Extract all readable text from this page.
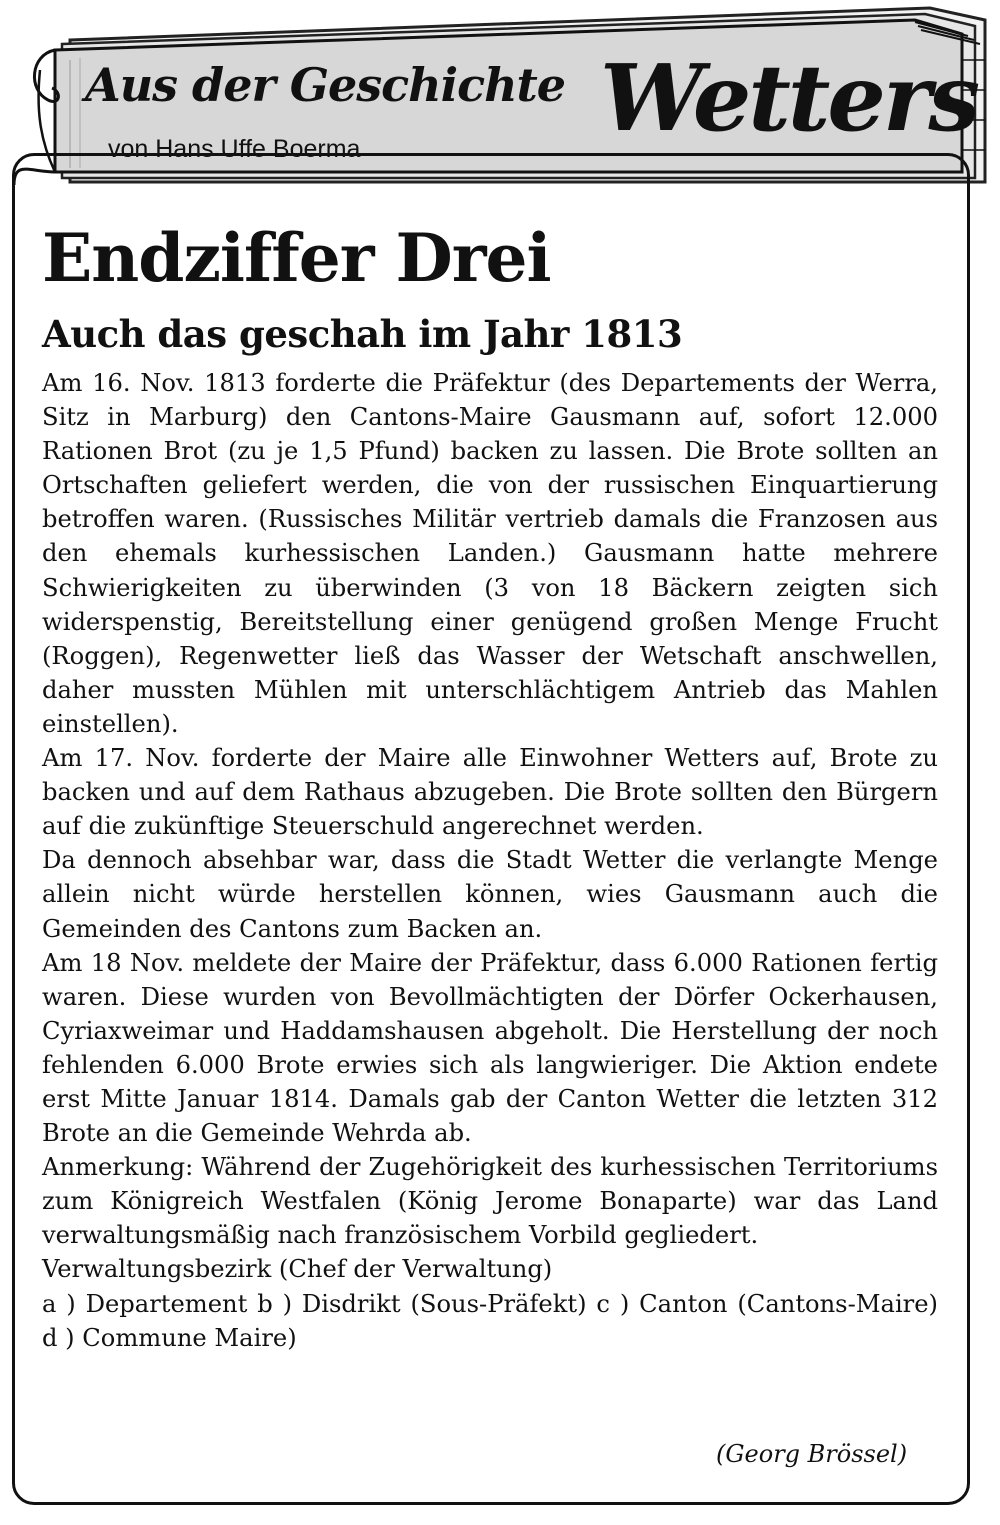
Aus der Geschichte Wetters
von Hans Uffe Boerma
Endziffer Drei
Auch das geschah im Jahr 1813

Am 16. Nov. 1813 forderte die Präfektur (des Departements der Werra, Sitz in Marburg) den Cantons-Maire Gausmann auf, sofort 12.000 Rationen Brot (zu je 1,5 Pfund) backen zu lassen. Die Brote sollten an Ortschaften geliefert werden, die von der russischen Einquartierung betroffen waren. (Russisches Militär vertrieb damals die Franzosen aus den ehemals kurhessischen Landen.) Gausmann hatte mehrere Schwierigkeiten zu überwinden (3 von 18 Bäckern zeigten sich widerspenstig, Bereitstellung einer genügend großen Menge Frucht (Roggen), Regenwetter ließ das Wasser der Wetschaft anschwellen, daher mussten Mühlen mit unterschlächtigem Antrieb das Mahlen einstellen).

Am 17. Nov. forderte der Maire alle Einwohner Wetters auf, Brote zu backen und auf dem Rathaus abzugeben. Die Brote sollten den Bürgern auf die zukünftige Steuerschuld angerechnet werden.

Da dennoch absehbar war, dass die Stadt Wetter die verlangte Menge allein nicht würde herstellen können, wies Gausmann auch die Gemeinden des Cantons zum Backen an.

Am 18 Nov. meldete der Maire der Präfektur, dass 6.000 Rationen fertig waren. Diese wurden von Bevollmächtigten der Dörfer Ockerhausen, Cyriaxweimar und Haddamshausen abgeholt. Die Herstellung der noch fehlenden 6.000 Brote erwies sich als langwieriger. Die Aktion endete erst Mitte Januar 1814. Damals gab der Canton Wetter die letzten 312 Brote an die Gemeinde Wehrda ab.

Anmerkung: Während der Zugehörigkeit des kurhessischen Territoriums zum Königreich Westfalen (König Jerome Bonaparte) war das Land verwaltungsmäßig nach französischem Vorbild gegliedert.

Verwaltungsbezirk (Chef der Verwaltung)

a ) Departement b ) Disdrikt (Sous-Präfekt) c ) Canton (Cantons-Maire) d ) Commune Maire)

(Georg Brössel)
